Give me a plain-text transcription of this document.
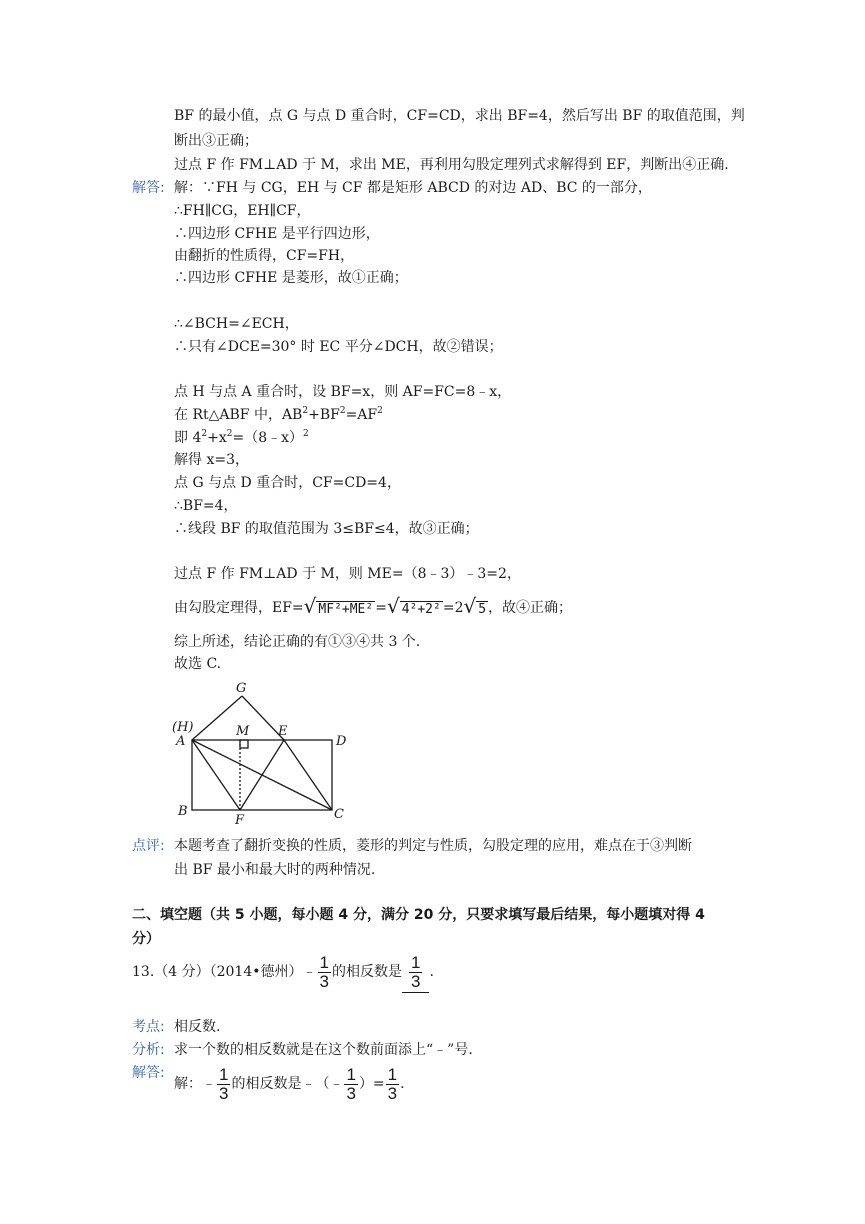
BF 的最小值，点 G 与点 D 重合时，CF=CD，求出 BF=4，然后写出 BF 的取值范围，判
断出③正确；
过点 F 作 FM⊥AD 于 M，求出 ME，再利用勾股定理列式求解得到 EF，判断出④正确.
解答: 解：∵FH 与 CG，EH 与 CF 都是矩形 ABCD 的对边 AD、BC 的一部分，
∴FH∥CG，EH∥CF，
∴四边形 CFHE 是平行四边形，
由翻折的性质得，CF=FH，
∴四边形 CFHE 是菱形，故①正确；
∴∠BCH=∠ECH，
∴只有∠DCE=30° 时 EC 平分∠DCH，故②错误；
点 H 与点 A 重合时，设 BF=x，则 AF=FC=8﹣x，
在 Rt△ABF 中，$AB^2+BF^2=AF^2$
即 $4^2+x^2=(8﹣x)^2$
解得 x=3，
点 G 与点 D 重合时，CF=CD=4，
∴BF=4，
∴线段 BF 的取值范围为 3≤BF≤4，故③正确；
过点 F 作 FM⊥AD 于 M，则 ME=（8﹣3）﹣3=2，
由勾股定理得，EF=√ MF²+ME² =√ 4²+2² =2√ 5 ，故④正确；
综上所述，结论正确的有①③④共 3 个.
故选 C.
G
(H)
A
M E
D
B
F	C
点评: 本题考查了翻折变换的性质，菱形的判定与性质，勾股定理的应用，难点在于③判断
出 BF 最小和最大时的两种情况.
二、填空题（共 5 小题，每小题 4 分，满分 20 分，只要求填写最后结果，每小题填对得 4
分）
13.（4 分）（2014•德州）﹣ $\frac{1}{3}$ 的相反数是 $\frac{1}{3}$ .
考点: 相反数.
分析: 求一个数的相反数就是在这个数前面添上“﹣”号.
解答:
解：﹣ $\frac{1}{3}$ 的相反数是﹣（﹣ $\frac{1}{3}$ ）= $\frac{1}{3}$ .
